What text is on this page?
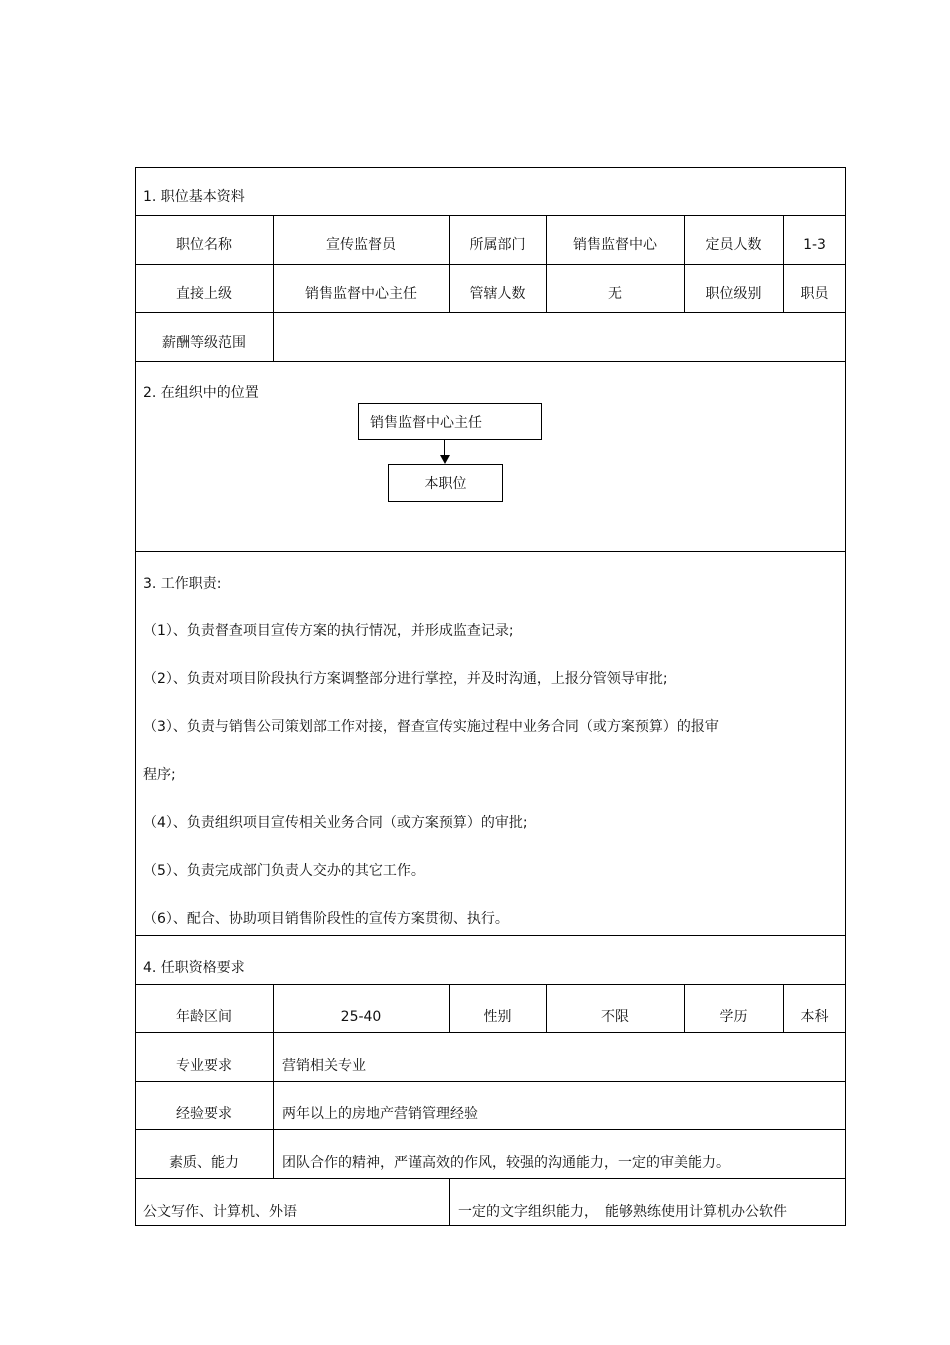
1. 职位基本资料
职位名称	宣传监督员	所属部门	销售监督中心	定员人数	1-3
直接上级	销售监督中心主任	管辖人数	无	职位级别	职员
薪酬等级范围
2. 在组织中的位置
销售监督中心主任
本职位
3. 工作职责:
（1）、负责督查项目宣传方案的执行情况，并形成监查记录;
（2）、负责对项目阶段执行方案调整部分进行掌控，并及时沟通，上报分管领导审批;
（3）、负责与销售公司策划部工作对接，督查宣传实施过程中业务合同（或方案预算）的报审
程序;
（4）、负责组织项目宣传相关业务合同（或方案预算）的审批;
（5）、负责完成部门负责人交办的其它工作。
（6）、配合、协助项目销售阶段性的宣传方案贯彻、执行。
4. 任职资格要求
年龄区间	25-40	性别	不限	学历	本科
专业要求	营销相关专业
经验要求	两年以上的房地产营销管理经验
素质、能力	团队合作的精神，严谨高效的作风，较强的沟通能力，一定的审美能力。
公文写作、计算机、外语	一定的文字组织能力，　能够熟练使用计算机办公软件
